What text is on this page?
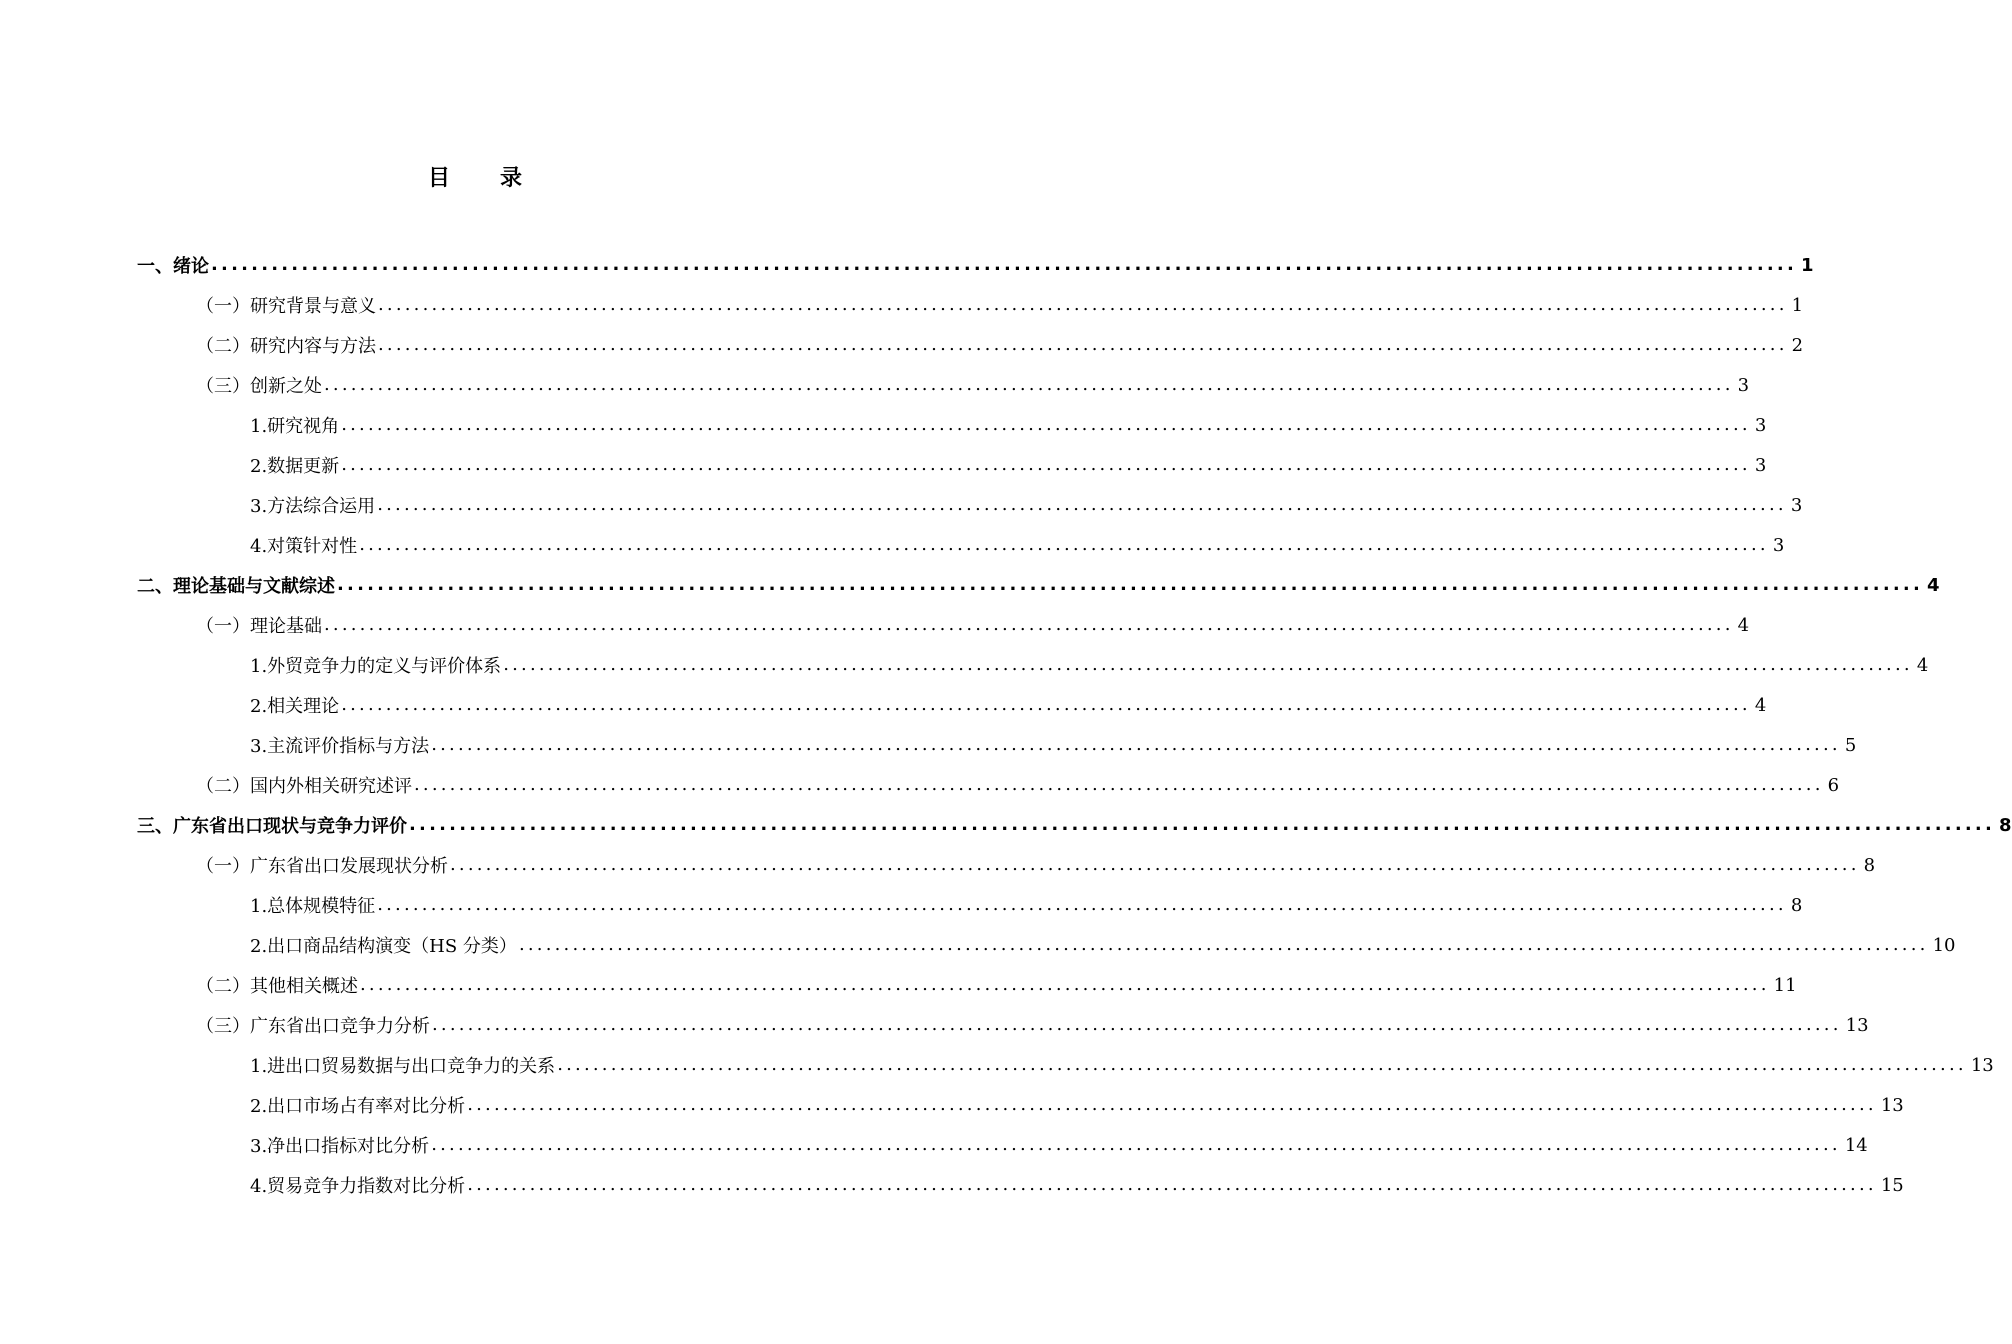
目 录
一、绪论 .............................................................................................................................................................. 1
（一）研究背景与意义 .............................................................................................................................................................. 1
（二）研究内容与方法 .............................................................................................................................................................. 2
（三）创新之处 .............................................................................................................................................................. 3
1.研究视角 .............................................................................................................................................................. 3
2.数据更新 .............................................................................................................................................................. 3
3.方法综合运用 .............................................................................................................................................................. 3
4.对策针对性 .............................................................................................................................................................. 3
二、理论基础与文献综述 .............................................................................................................................................................. 4
（一）理论基础 .............................................................................................................................................................. 4
1.外贸竞争力的定义与评价体系 .............................................................................................................................................................. 4
2.相关理论 .............................................................................................................................................................. 4
3.主流评价指标与方法 .............................................................................................................................................................. 5
（二）国内外相关研究述评 .............................................................................................................................................................. 6
三、广东省出口现状与竞争力评价 .............................................................................................................................................................. 8
（一）广东省出口发展现状分析 .............................................................................................................................................................. 8
1.总体规模特征 .............................................................................................................................................................. 8
2.出口商品结构演变（HS 分类） .............................................................................................................................................................. 10
（二）其他相关概述 .............................................................................................................................................................. 11
（三）广东省出口竞争力分析 .............................................................................................................................................................. 13
1.进出口贸易数据与出口竞争力的关系 .............................................................................................................................................................. 13
2.出口市场占有率对比分析 .............................................................................................................................................................. 13
3.净出口指标对比分析 .............................................................................................................................................................. 14
4.贸易竞争力指数对比分析 .............................................................................................................................................................. 15
